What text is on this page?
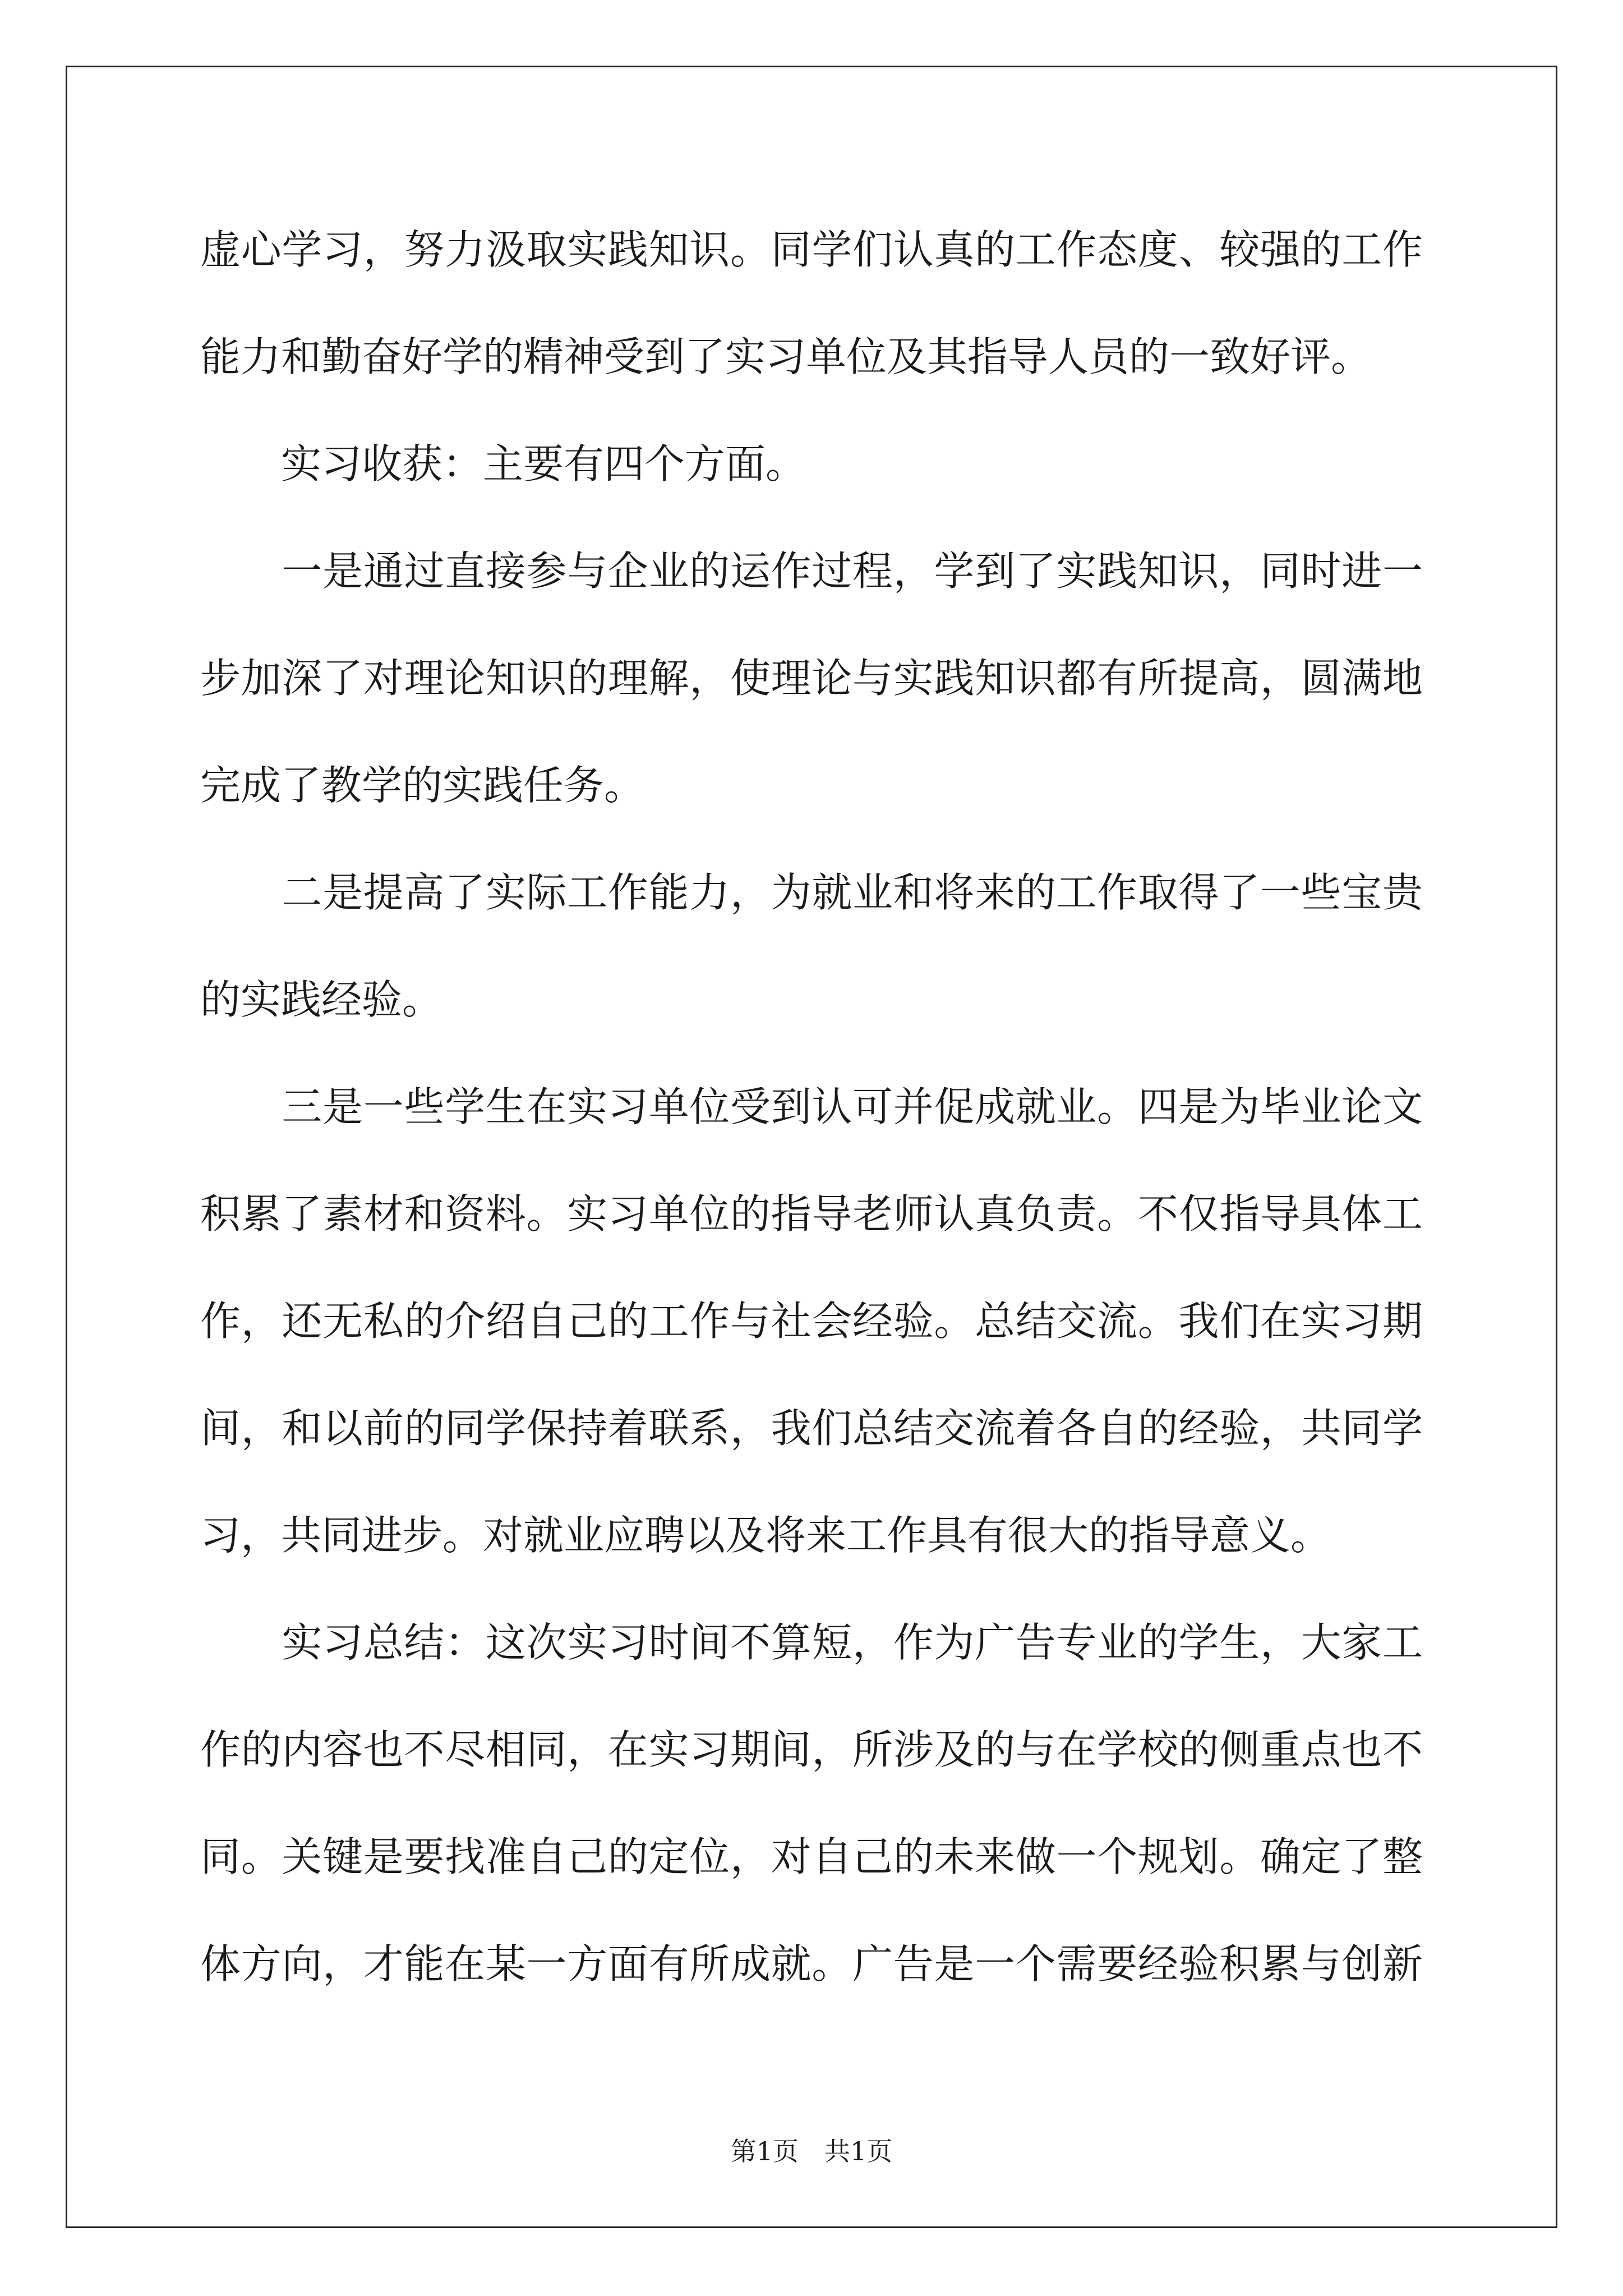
虚心学习，努力汲取实践知识。同学们认真的工作态度、较强的工作
能力和勤奋好学的精神受到了实习单位及其指导人员的一致好评。
　　实习收获：主要有四个方面。
　　一是通过直接参与企业的运作过程，学到了实践知识，同时进一
步加深了对理论知识的理解，使理论与实践知识都有所提高，圆满地
完成了教学的实践任务。
　　二是提高了实际工作能力，为就业和将来的工作取得了一些宝贵
的实践经验。
　　三是一些学生在实习单位受到认可并促成就业。四是为毕业论文
积累了素材和资料。实习单位的指导老师认真负责。不仅指导具体工
作，还无私的介绍自己的工作与社会经验。总结交流。我们在实习期
间，和以前的同学保持着联系，我们总结交流着各自的经验，共同学
习，共同进步。对就业应聘以及将来工作具有很大的指导意义。
　　实习总结：这次实习时间不算短，作为广告专业的学生，大家工
作的内容也不尽相同，在实习期间，所涉及的与在学校的侧重点也不
同。关键是要找准自己的定位，对自己的未来做一个规划。确定了整
体方向，才能在某一方面有所成就。广告是一个需要经验积累与创新
第1页 共1页
